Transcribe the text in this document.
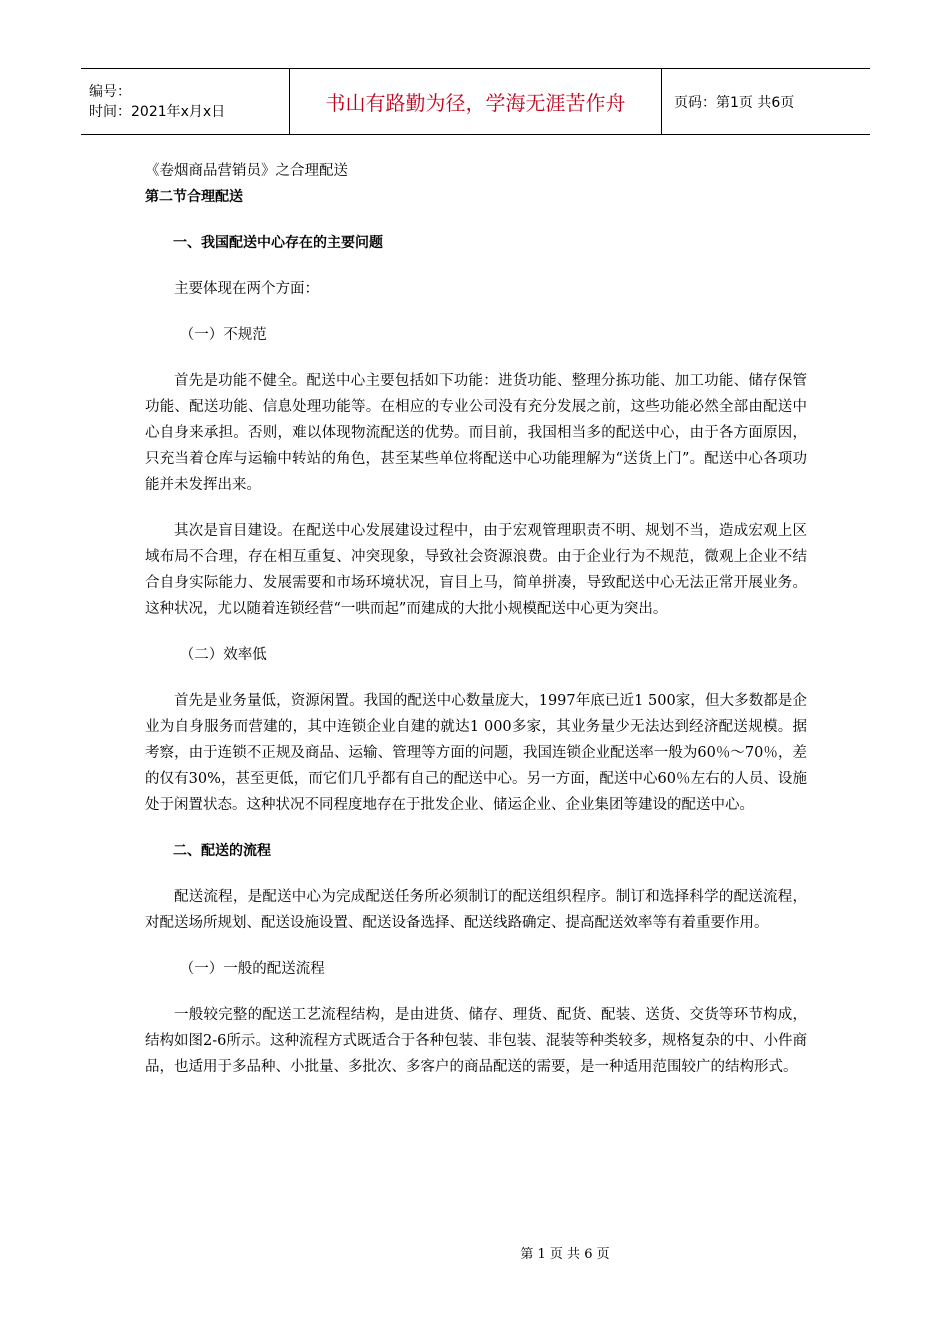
编号：
时间：2021年x月x日	书山有路勤为径，学海无涯苦作舟	页码：第1页 共6页

《卷烟商品营销员》之合理配送

第二节合理配送

一、我国配送中心存在的主要问题

主要体现在两个方面：

（一）不规范

首先是功能不健全。配送中心主要包括如下功能：进货功能、整理分拣功能、加工功能、储存保管功能、配送功能、信息处理功能等。在相应的专业公司没有充分发展之前，这些功能必然全部由配送中心自身来承担。否则，难以体现物流配送的优势。而目前，我国相当多的配送中心，由于各方面原因，只充当着仓库与运输中转站的角色，甚至某些单位将配送中心功能理解为“送货上门”。配送中心各项功能并未发挥出来。

其次是盲目建设。在配送中心发展建设过程中，由于宏观管理职责不明、规划不当，造成宏观上区域布局不合理，存在相互重复、冲突现象，导致社会资源浪费。由于企业行为不规范，微观上企业不结合自身实际能力、发展需要和市场环境状况，盲目上马，简单拼凑，导致配送中心无法正常开展业务。这种状况，尤以随着连锁经营“一哄而起”而建成的大批小规模配送中心更为突出。

（二）效率低

首先是业务量低，资源闲置。我国的配送中心数量庞大，1997年底已近1 500家，但大多数都是企业为自身服务而营建的，其中连锁企业自建的就达1 000多家，其业务量少无法达到经济配送规模。据考察，由于连锁不正规及商品、运输、管理等方面的问题，我国连锁企业配送率一般为60％～70％，差的仅有30%，甚至更低，而它们几乎都有自己的配送中心。另一方面，配送中心60％左右的人员、设施处于闲置状态。这种状况不同程度地存在于批发企业、储运企业、企业集团等建设的配送中心。

二、配送的流程

配送流程，是配送中心为完成配送任务所必须制订的配送组织程序。制订和选择科学的配送流程，对配送场所规划、配送设施设置、配送设备选择、配送线路确定、提高配送效率等有着重要作用。

（一）一般的配送流程

一般较完整的配送工艺流程结构，是由进货、储存、理货、配货、配装、送货、交货等环节构成，结构如图2-6所示。这种流程方式既适合于各种包装、非包装、混装等种类较多，规格复杂的中、小件商品，也适用于多品种、小批量、多批次、多客户的商品配送的需要，是一种适用范围较广的结构形式。

第 1 页 共 6 页
